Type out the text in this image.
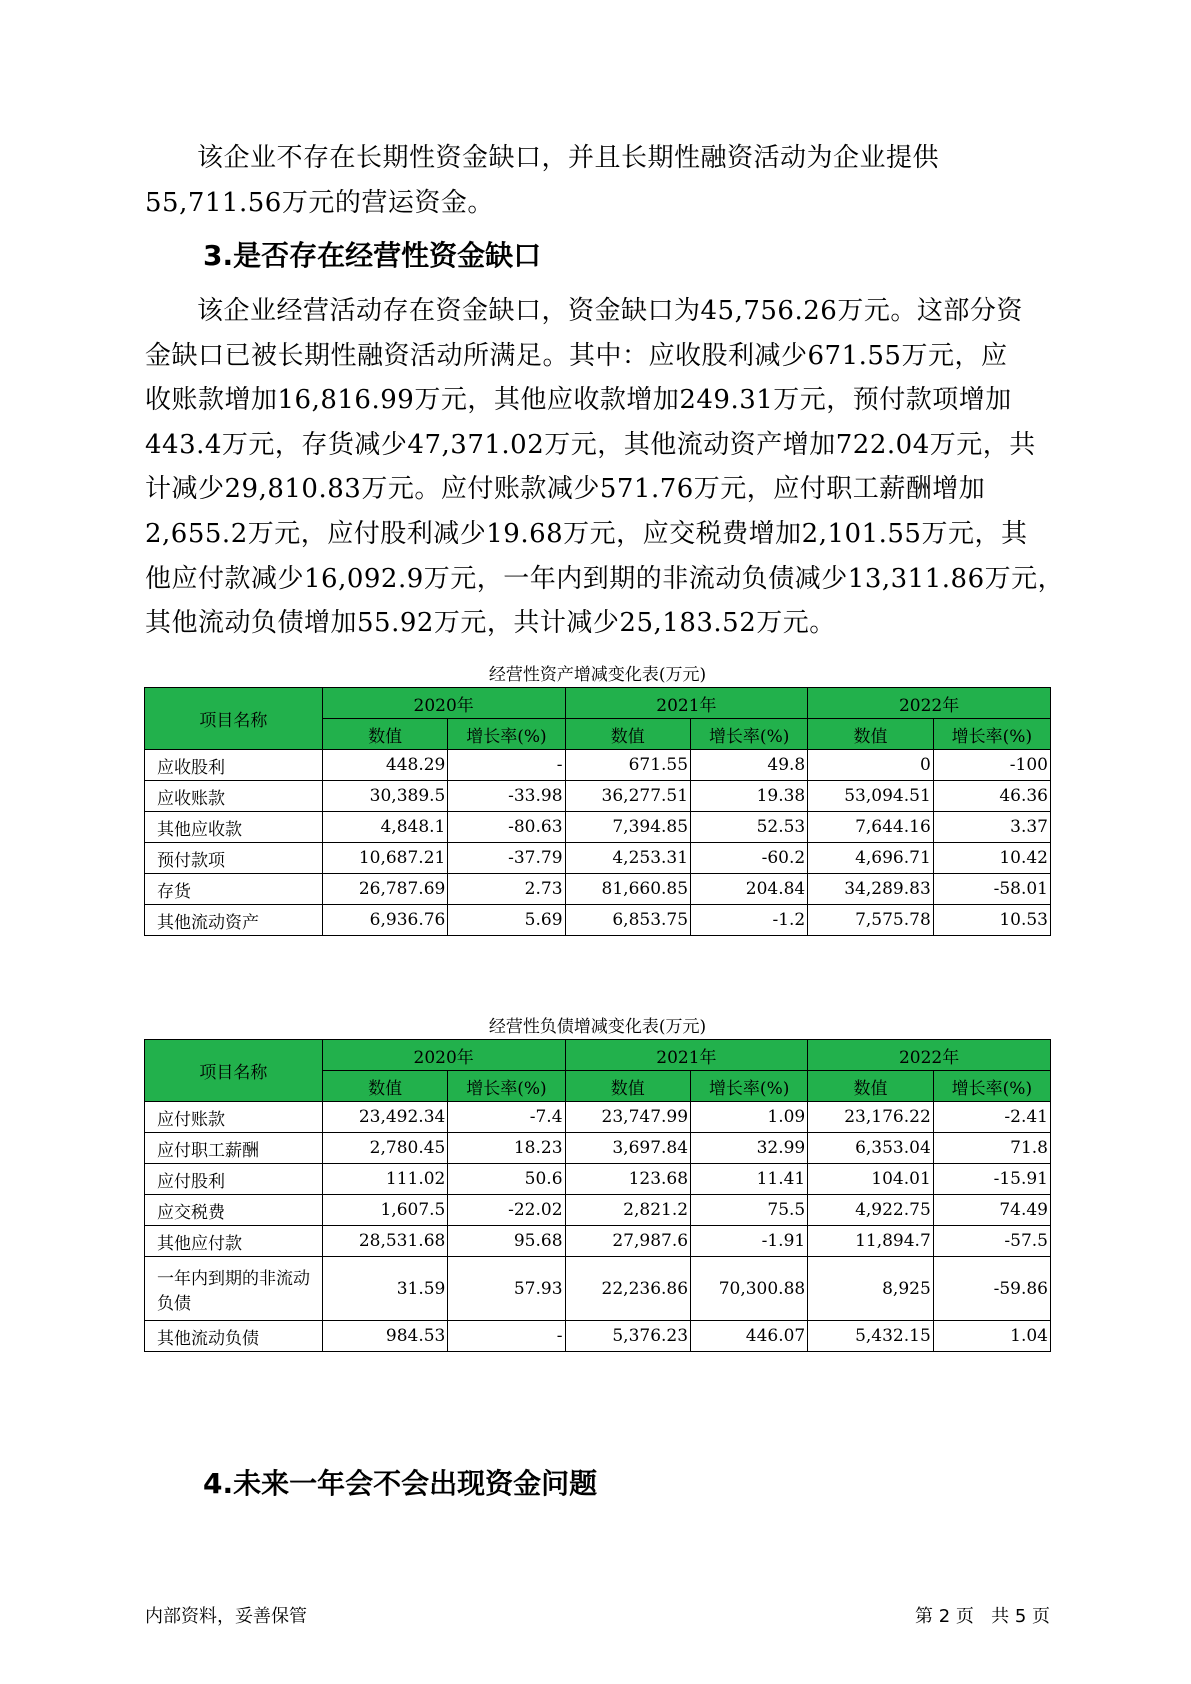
该企业不存在长期性资金缺口，并且长期性融资活动为企业提供
55,711.56万元的营运资金。
3.是否存在经营性资金缺口
该企业经营活动存在资金缺口，资金缺口为45,756.26万元。这部分资
金缺口已被长期性融资活动所满足。其中：应收股利减少671.55万元，应
收账款增加16,816.99万元，其他应收款增加249.31万元，预付款项增加
443.4万元，存货减少47,371.02万元，其他流动资产增加722.04万元，共
计减少29,810.83万元。应付账款减少571.76万元，应付职工薪酬增加
2,655.2万元，应付股利减少19.68万元，应交税费增加2,101.55万元，其
他应付款减少16,092.9万元，一年内到期的非流动负债减少13,311.86万元，
其他流动负债增加55.92万元，共计减少25,183.52万元。
经营性资产增减变化表(万元)
项目名称	2020年		2021年		2022年	
	数值	增长率(%)	数值	增长率(%)	数值	增长率(%)
应收股利	448.29	-	671.55	49.8	0	-100
应收账款	30,389.5	-33.98	36,277.51	19.38	53,094.51	46.36
其他应收款	4,848.1	-80.63	7,394.85	52.53	7,644.16	3.37
预付款项	10,687.21	-37.79	4,253.31	-60.2	4,696.71	10.42
存货	26,787.69	2.73	81,660.85	204.84	34,289.83	-58.01
其他流动资产	6,936.76	5.69	6,853.75	-1.2	7,575.78	10.53
经营性负债增减变化表(万元)
项目名称	2020年		2021年		2022年	
	数值	增长率(%)	数值	增长率(%)	数值	增长率(%)
应付账款	23,492.34	-7.4	23,747.99	1.09	23,176.22	-2.41
应付职工薪酬	2,780.45	18.23	3,697.84	32.99	6,353.04	71.8
应付股利	111.02	50.6	123.68	11.41	104.01	-15.91
应交税费	1,607.5	-22.02	2,821.2	75.5	4,922.75	74.49
其他应付款	28,531.68	95.68	27,987.6	-1.91	11,894.7	-57.5
一年内到期的非流动负债	31.59	57.93	22,236.86	70,300.88	8,925	-59.86
其他流动负债	984.53	-	5,376.23	446.07	5,432.15	1.04
4.未来一年会不会出现资金问题
内部资料，妥善保管	第 2 页   共 5 页
